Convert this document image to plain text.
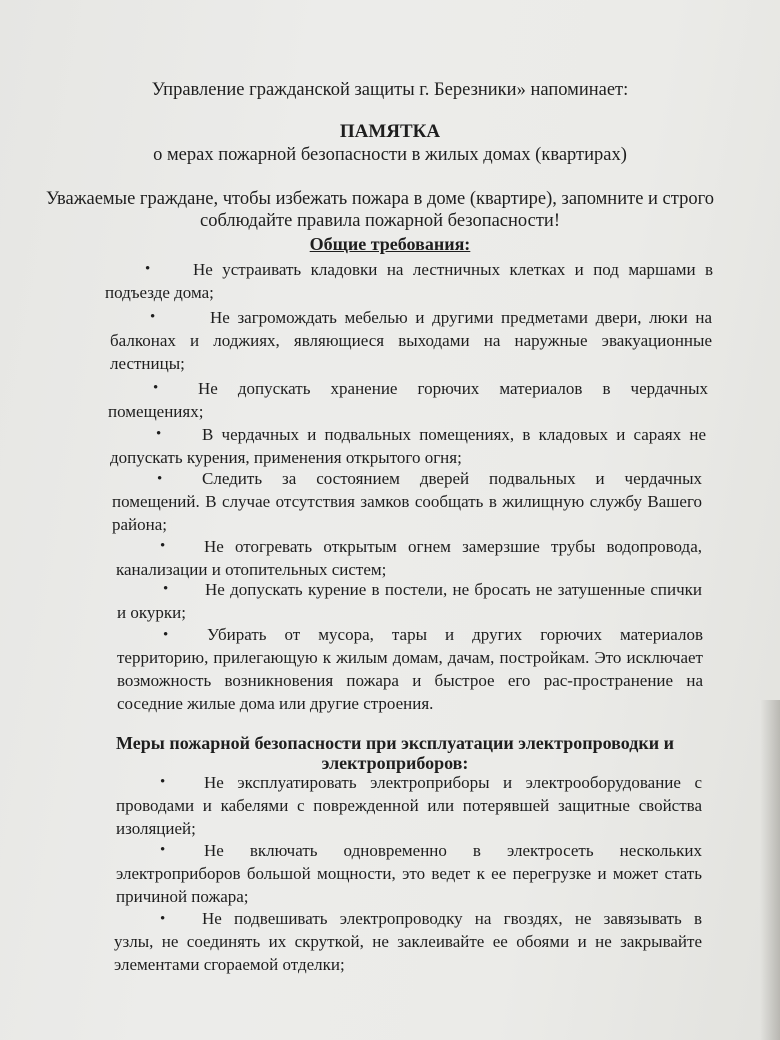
Управление гражданской защиты г. Березники» напоминает:
ПАМЯТКА
о мерах пожарной безопасности в жилых домах (квартирах)
Уважаемые граждане, чтобы избежать пожара в доме (квартире), запомните и строго
соблюдайте правила пожарной безопасности!
Общие требования:
•	Не устраивать кладовки на лестничных клетках и под маршами в
подъезде дома;
•	Не загромождать мебелью и другими предметами двери, люки на
балконах и лоджиях, являющиеся выходами на наружные эвакуационные лестницы;
•	Не допускать хранение горючих материалов в чердачных
помещениях;
•	В чердачных и подвальных помещениях, в кладовых и сараях не
допускать курения, применения открытого огня;
•	Следить за состоянием дверей подвальных и чердачных
помещений. В случае отсутствия замков сообщать в жилищную службу Вашего района;
•	Не отогревать открытым огнем замерзшие трубы водопровода,
канализации и отопительных систем;
•	Не допускать курение в постели, не бросать не затушенные спички
и окурки;
•	Убирать от мусора, тары и других горючих материалов
территорию, прилегающую к жилым домам, дачам, постройкам. Это исключает возможность возникновения пожара и быстрое его рас-пространение на соседние жилые дома или другие строения.
Меры пожарной безопасности при эксплуатации электропроводки и
электроприборов:
•	Не эксплуатировать электроприборы и электрооборудование с
проводами и кабелями с поврежденной или потерявшей защитные свойства изоляцией;
•	Не включать одновременно в электросеть нескольких
электроприборов большой мощности, это ведет к ее перегрузке и может стать причиной пожара;
•	Не подвешивать электропроводку на гвоздях, не завязывать в
узлы, не соединять их скруткой, не заклеивайте ее обоями и не закрывайте элементами сгораемой отделки;
